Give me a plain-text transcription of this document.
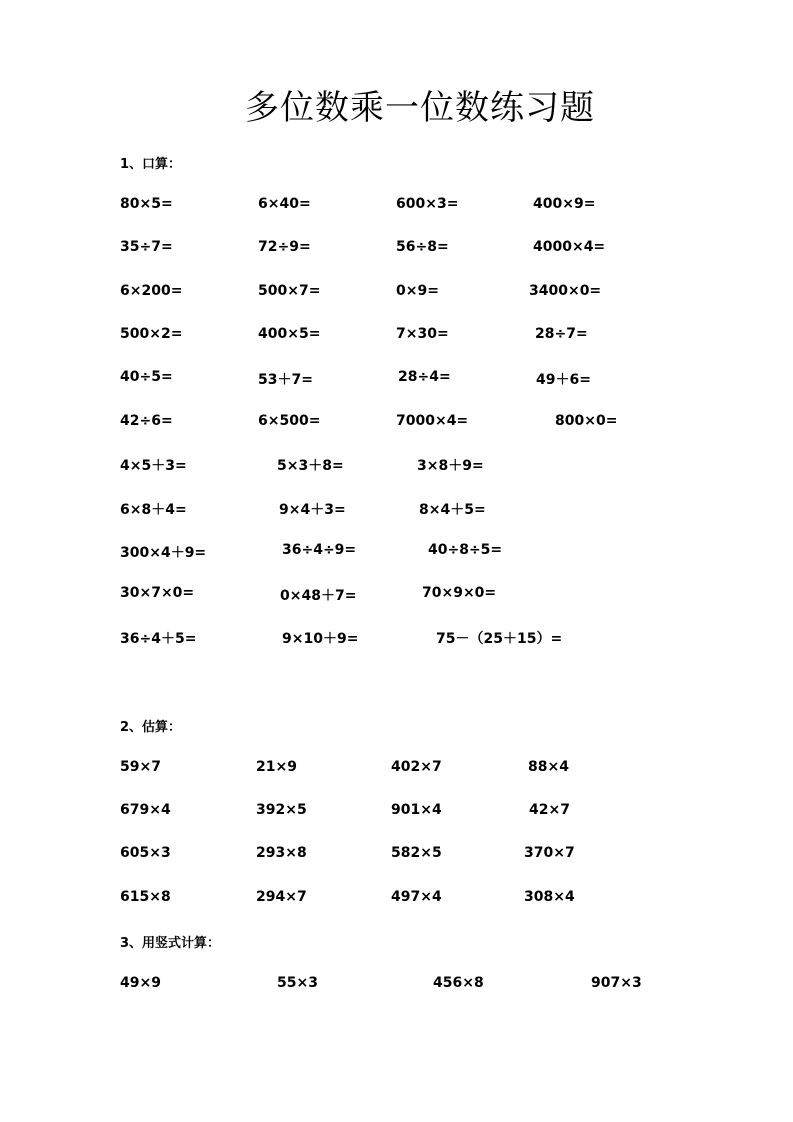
多位数乘一位数练习题
1、口算：
80×5=	6×40=	600×3=	400×9=
35÷7=	72÷9=	56÷8=	4000×4=
6×200=	500×7=	0×9=	3400×0=
500×2=	400×5=	7×30=	28÷7=
40÷5=	53＋7=	28÷4=	49＋6=
42÷6=	6×500=	7000×4=	800×0=
4×5＋3=	5×3＋8=	3×8＋9=
6×8＋4=	9×4＋3=	8×4＋5=
300×4＋9=	36÷4÷9=	40÷8÷5=
30×7×0=	0×48＋7=	70×9×0=
36÷4＋5=	9×10＋9=	75－（25＋15）=
2、估算：
59×7	21×9	402×7	88×4
679×4	392×5	901×4	42×7
605×3	293×8	582×5	370×7
615×8	294×7	497×4	308×4
3、用竖式计算：
49×9	55×3	456×8	907×3
